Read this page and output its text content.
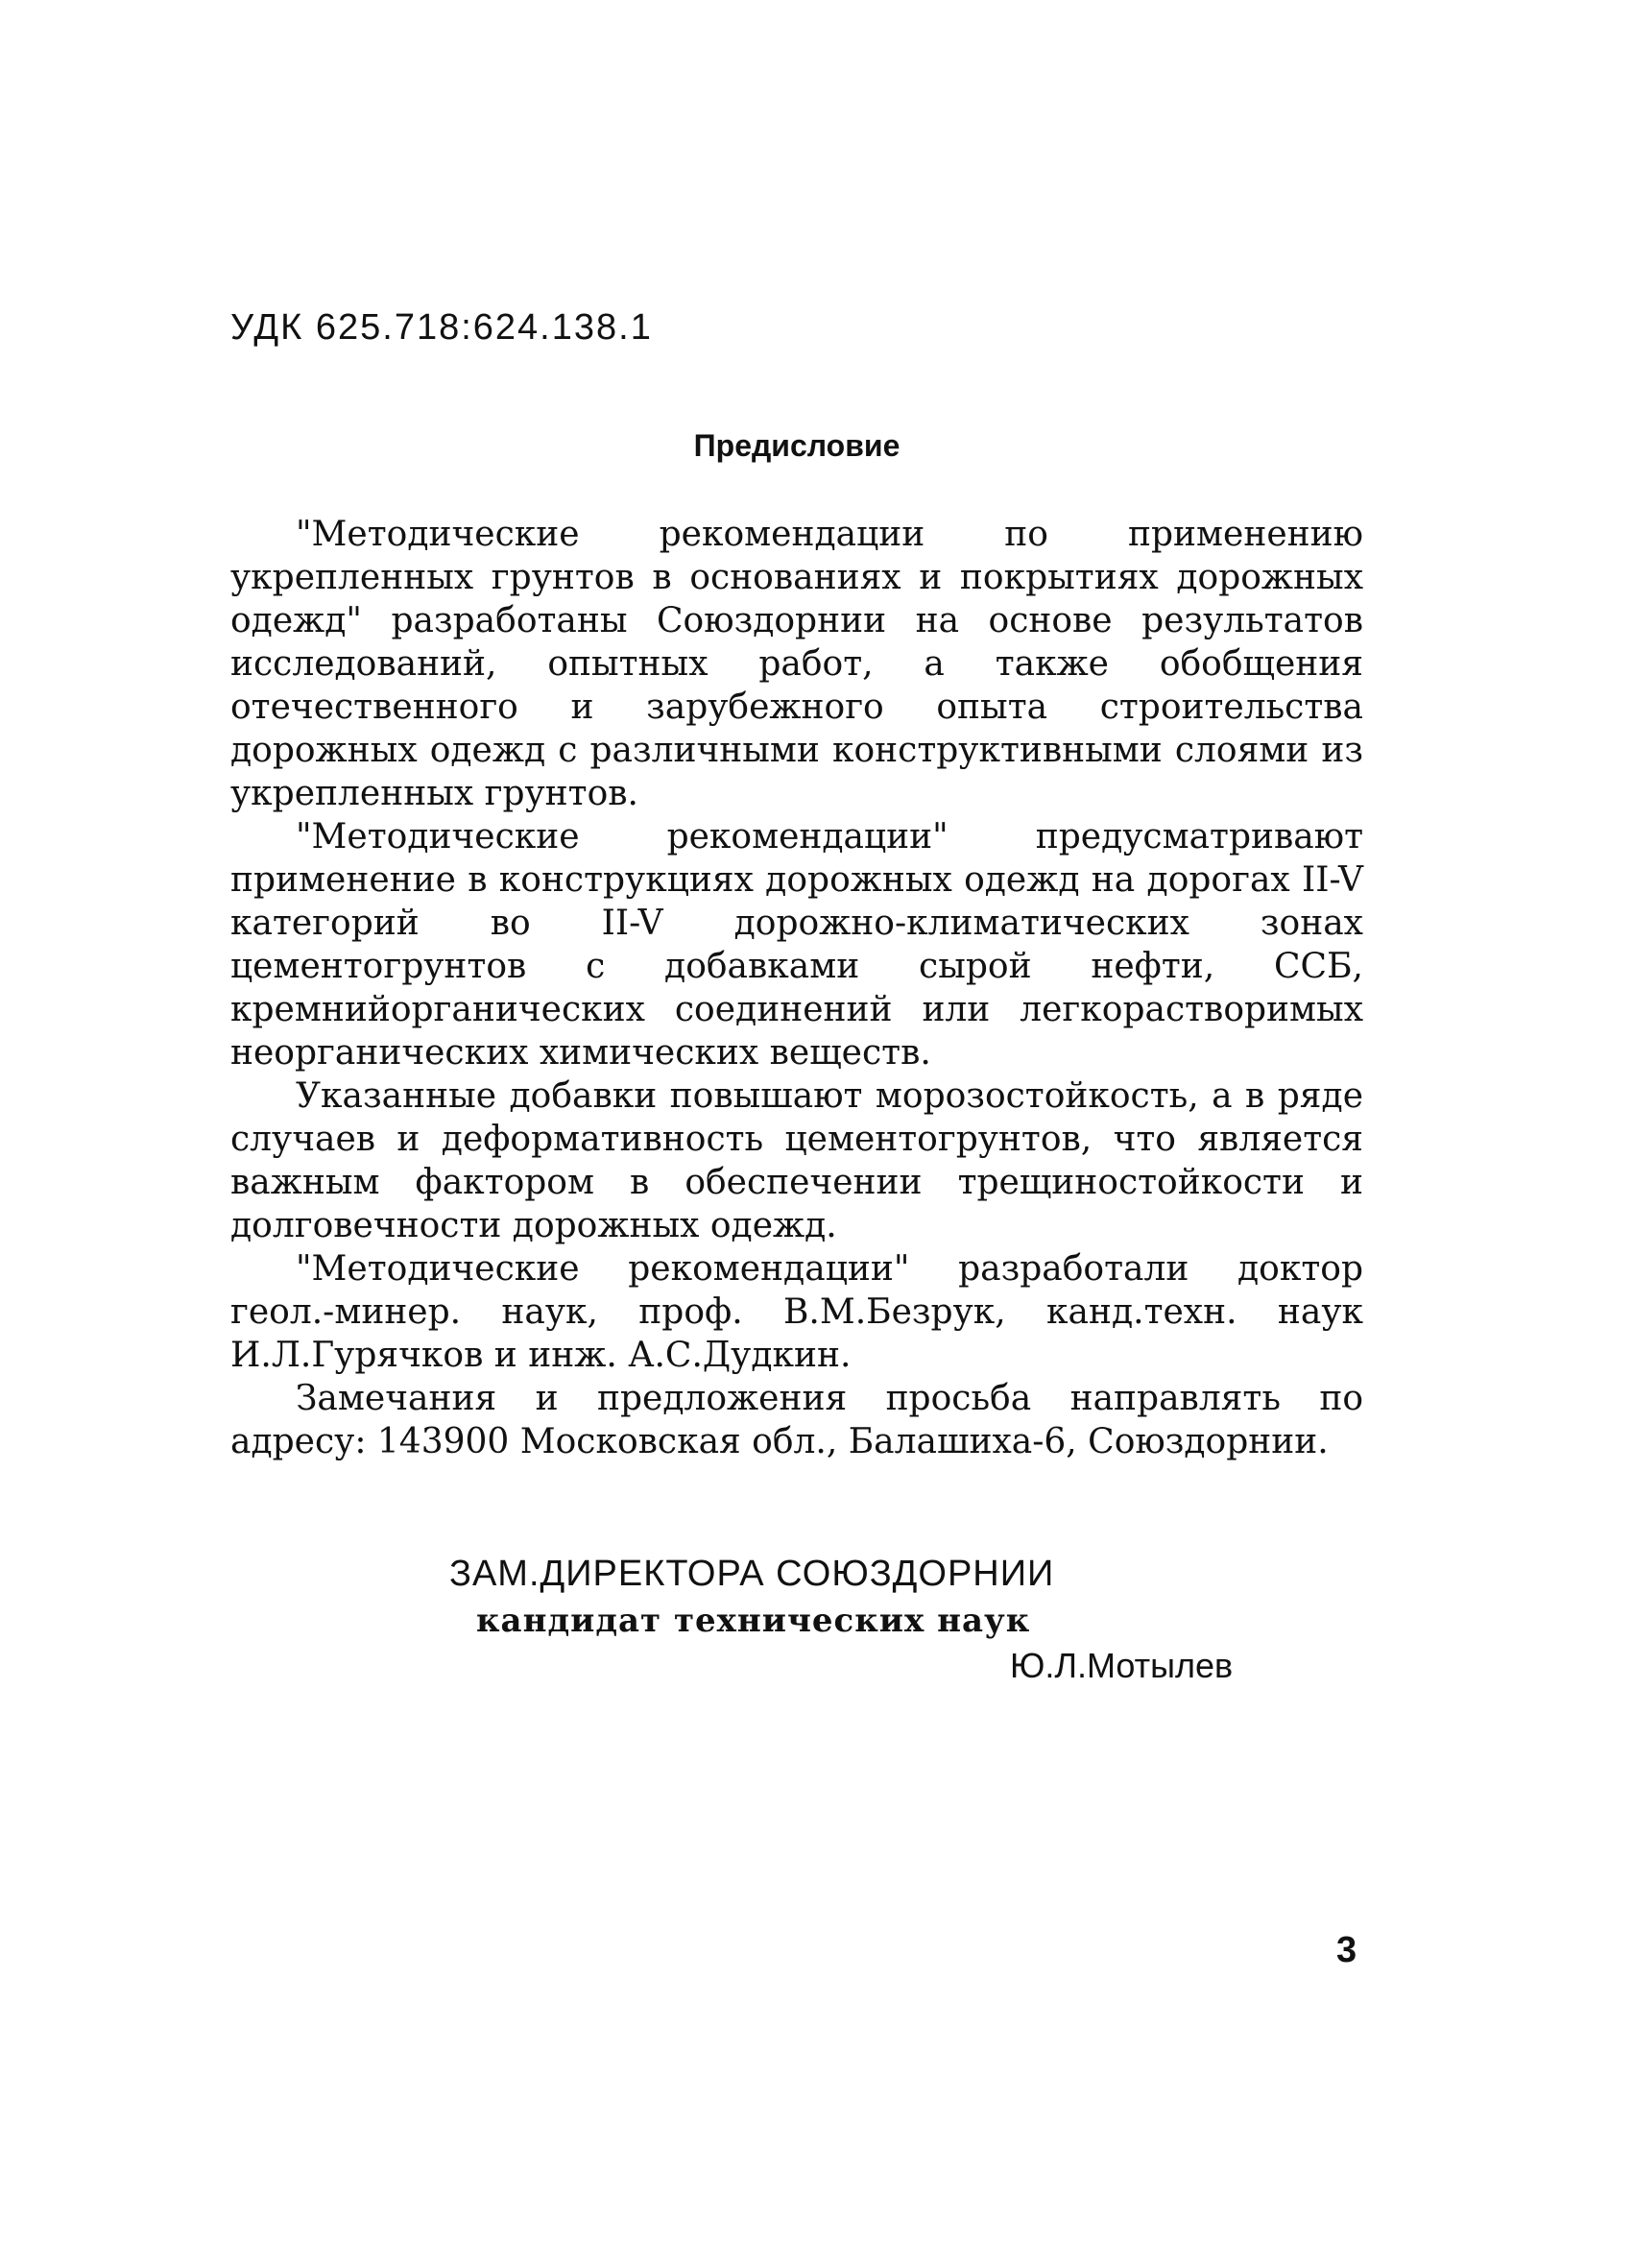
УДК 625.718:624.138.1
Предисловие

"Методические рекомендации по применению укрепленных грунтов в основаниях и покрытиях дорожных одежд" разработаны Союздорнии на основе результатов исследований, опытных работ, а также обобщения отечественного и зарубежного опыта строительства дорожных одежд с различными конструктивными слоями из укрепленных грунтов.

"Методические рекомендации" предусматривают применение в конструкциях дорожных одежд на дорогах II-V категорий во II-V дорожно-климатических зонах цементогрунтов с добавками сырой нефти, ССБ, кремнийорганических соединений или легкорастворимых неорганических химических веществ.

Указанные добавки повышают морозостойкость, а в ряде случаев и деформативность цементогрунтов, что является важным фактором в обеспечении трещиностойкости и долговечности дорожных одежд.

"Методические рекомендации" разработали доктор геол.-минер. наук, проф. В.М.Безрук, канд.техн. наук И.Л.Гурячков и инж. А.С.Дудкин.

Замечания и предложения просьба направлять по адресу: 143900 Московская обл., Балашиха-6, Союздорнии.

ЗАМ.ДИРЕКТОРА СОЮЗДОРНИИ
кандидат технических наук
Ю.Л.Мотылев
3
